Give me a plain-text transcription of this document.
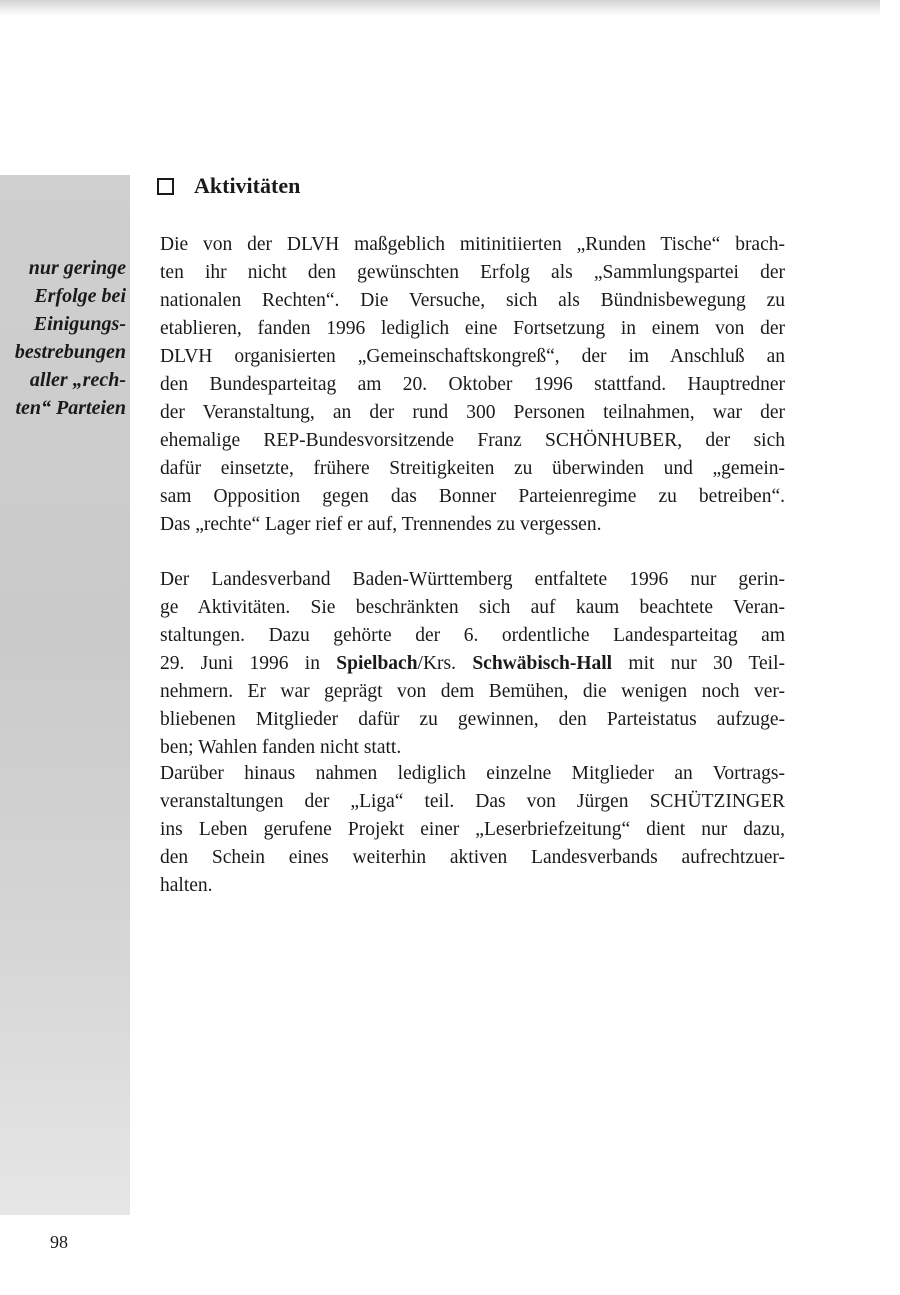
nur geringe
Erfolge bei
Einigungs-
bestrebungen
aller „rech-
ten“ Parteien
Aktivitäten
Die von der DLVH maßgeblich mitinitiierten „Runden Tische“ brach-
ten ihr nicht den gewünschten Erfolg als „Sammlungspartei der
nationalen Rechten“. Die Versuche, sich als Bündnisbewegung zu
etablieren, fanden 1996 lediglich eine Fortsetzung in einem von der
DLVH organisierten „Gemeinschaftskongreß“, der im Anschluß an
den Bundesparteitag am 20. Oktober 1996 stattfand. Hauptredner
der Veranstaltung, an der rund 300 Personen teilnahmen, war der
ehemalige REP-Bundesvorsitzende Franz SCHÖNHUBER, der sich
dafür einsetzte, frühere Streitigkeiten zu überwinden und „gemein-
sam Opposition gegen das Bonner Parteienregime zu betreiben“.
Das „rechte“ Lager rief er auf, Trennendes zu vergessen.
Der Landesverband Baden-Württemberg entfaltete 1996 nur gerin-
ge Aktivitäten. Sie beschränkten sich auf kaum beachtete Veran-
staltungen. Dazu gehörte der 6. ordentliche Landesparteitag am
29. Juni 1996 in Spielbach/Krs. Schwäbisch-Hall mit nur 30 Teil-
nehmern. Er war geprägt von dem Bemühen, die wenigen noch ver-
bliebenen Mitglieder dafür zu gewinnen, den Parteistatus aufzuge-
ben; Wahlen fanden nicht statt.
Darüber hinaus nahmen lediglich einzelne Mitglieder an Vortrags-
veranstaltungen der „Liga“ teil. Das von Jürgen SCHÜTZINGER
ins Leben gerufene Projekt einer „Leserbriefzeitung“ dient nur dazu,
den Schein eines weiterhin aktiven Landesverbands aufrechtzuer-
halten.
98
